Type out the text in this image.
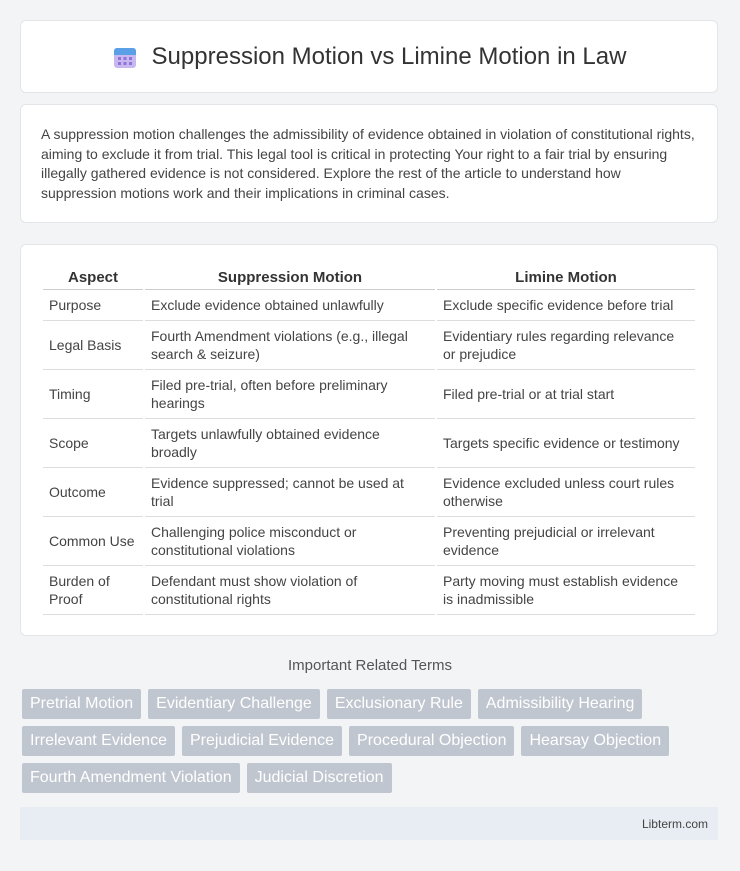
Suppression Motion vs Limine Motion in Law

A suppression motion challenges the admissibility of evidence obtained in violation of constitutional rights, aiming to exclude it from trial. This legal tool is critical in protecting Your right to a fair trial by ensuring illegally gathered evidence is not considered. Explore the rest of the article to understand how suppression motions work and their implications in criminal cases.

Aspect	Suppression Motion	Limine Motion
Purpose	Exclude evidence obtained unlawfully	Exclude specific evidence before trial
Legal Basis	Fourth Amendment violations (e.g., illegal search & seizure)	Evidentiary rules regarding relevance or prejudice
Timing	Filed pre-trial, often before preliminary hearings	Filed pre-trial or at trial start
Scope	Targets unlawfully obtained evidence broadly	Targets specific evidence or testimony
Outcome	Evidence suppressed; cannot be used at trial	Evidence excluded unless court rules otherwise
Common Use	Challenging police misconduct or constitutional violations	Preventing prejudicial or irrelevant evidence
Burden of Proof	Defendant must show violation of constitutional rights	Party moving must establish evidence is inadmissible
Important Related Terms
Pretrial Motion	Evidentiary Challenge	Exclusionary Rule	Admissibility Hearing
Irrelevant Evidence	Prejudicial Evidence	Procedural Objection	Hearsay Objection
Fourth Amendment Violation	Judicial Discretion
Libterm.com
